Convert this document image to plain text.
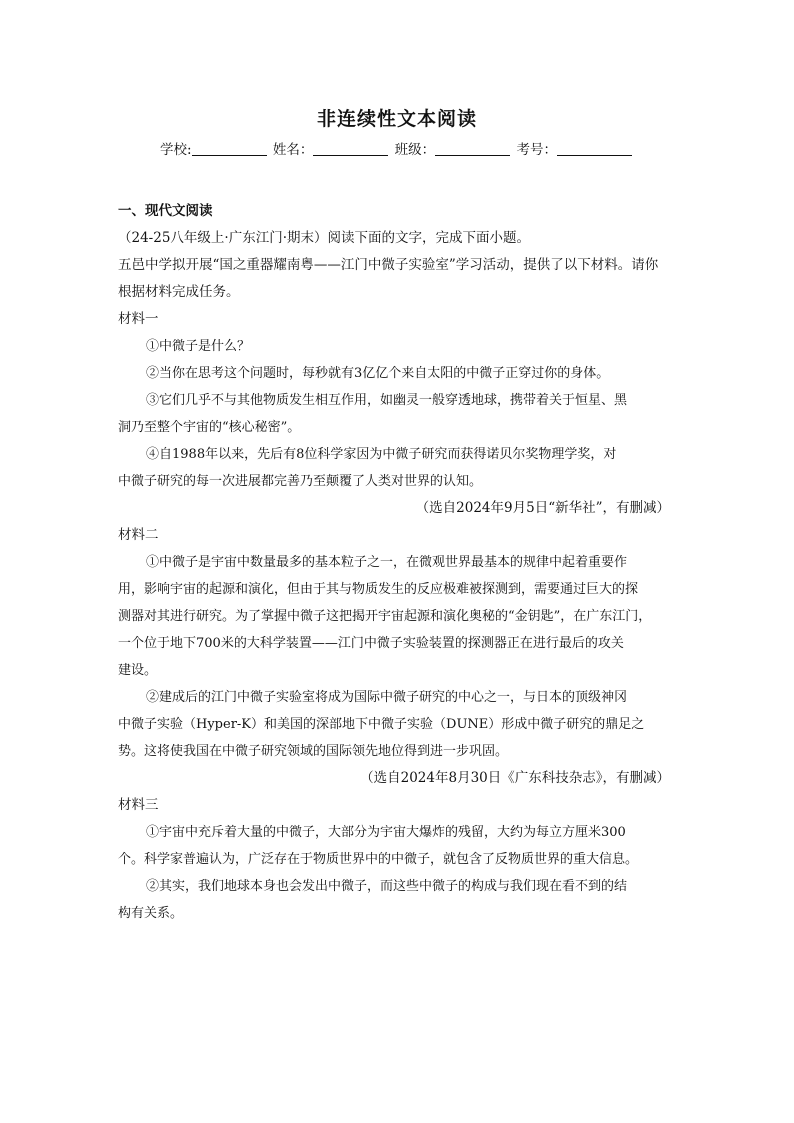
非连续性文本阅读
学校:	姓名：	班级：	考号：
一、现代文阅读
（24-25八年级上·广东江门·期末）阅读下面的文字，完成下面小题。
五邑中学拟开展“国之重器耀南粤——江门中微子实验室”学习活动，提供了以下材料。请你
根据材料完成任务。
材料一
①中微子是什么？
②当你在思考这个问题时，每秒就有3亿亿个来自太阳的中微子正穿过你的身体。
③它们几乎不与其他物质发生相互作用，如幽灵一般穿透地球，携带着关于恒星、黑
洞乃至整个宇宙的“核心秘密”。
④自1988年以来，先后有8位科学家因为中微子研究而获得诺贝尔奖物理学奖，对
中微子研究的每一次进展都完善乃至颠覆了人类对世界的认知。
（选自2024年9月5日“新华社”，有删减）
材料二
①中微子是宇宙中数量最多的基本粒子之一，在微观世界最基本的规律中起着重要作
用，影响宇宙的起源和演化，但由于其与物质发生的反应极难被探测到，需要通过巨大的探
测器对其进行研究。为了掌握中微子这把揭开宇宙起源和演化奥秘的“金钥匙”，在广东江门，
一个位于地下700米的大科学装置——江门中微子实验装置的探测器正在进行最后的攻关
建设。
②建成后的江门中微子实验室将成为国际中微子研究的中心之一，与日本的顶级神冈
中微子实验（Hyper-K）和美国的深部地下中微子实验（DUNE）形成中微子研究的鼎足之
势。这将使我国在中微子研究领域的国际领先地位得到进一步巩固。
（选自2024年8月30日《广东科技杂志》，有删减）
材料三
①宇宙中充斥着大量的中微子，大部分为宇宙大爆炸的残留，大约为每立方厘米300
个。科学家普遍认为，广泛存在于物质世界中的中微子，就包含了反物质世界的重大信息。
②其实，我们地球本身也会发出中微子，而这些中微子的构成与我们现在看不到的结
构有关系。
